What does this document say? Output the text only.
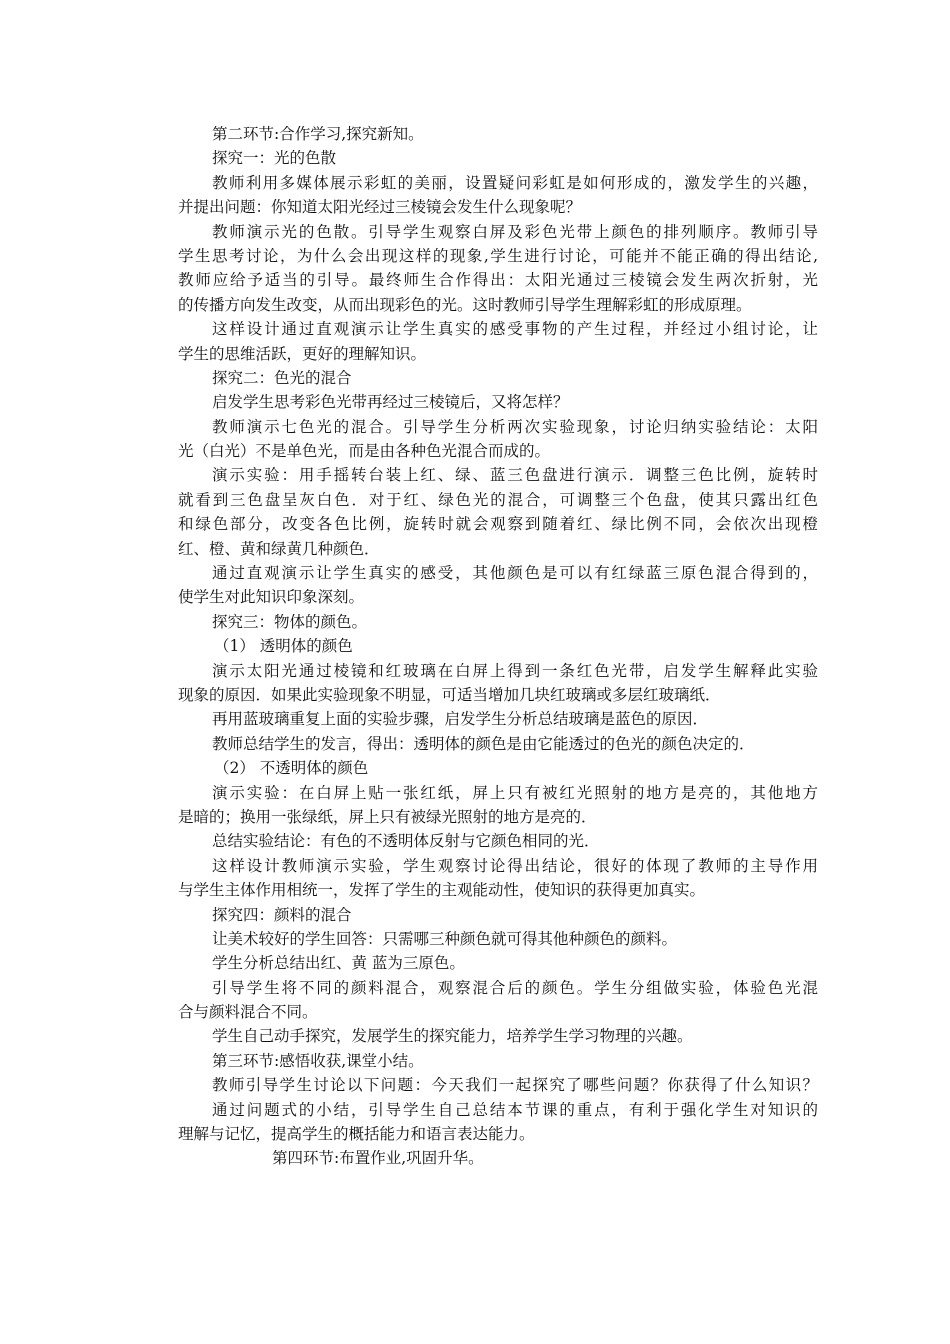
第二环节:合作学习,探究新知。
探究一：光的色散
教师利用多媒体展示彩虹的美丽，设置疑问彩虹是如何形成的，激发学生的兴趣，
并提出问题：你知道太阳光经过三棱镜会发生什么现象呢？
教师演示光的色散。引导学生观察白屏及彩色光带上颜色的排列顺序。教师引导
学生思考讨论，为什么会出现这样的现象,学生进行讨论，可能并不能正确的得出结论,
教师应给予适当的引导。最终师生合作得出：太阳光通过三棱镜会发生两次折射，光
的传播方向发生改变，从而出现彩色的光。这时教师引导学生理解彩虹的形成原理。
这样设计通过直观演示让学生真实的感受事物的产生过程，并经过小组讨论，让
学生的思维活跃，更好的理解知识。
探究二：色光的混合
启发学生思考彩色光带再经过三棱镜后，又将怎样？
教师演示七色光的混合。引导学生分析两次实验现象，讨论归纳实验结论：太阳
光（白光）不是单色光，而是由各种色光混合而成的。
演示实验：用手摇转台装上红、绿、蓝三色盘进行演示．调整三色比例，旋转时
就看到三色盘呈灰白色．对于红、绿色光的混合，可调整三个色盘，使其只露出红色
和绿色部分，改变各色比例，旋转时就会观察到随着红、绿比例不同，会依次出现橙
红、橙、黄和绿黄几种颜色．
通过直观演示让学生真实的感受，其他颜色是可以有红绿蓝三原色混合得到的，
使学生对此知识印象深刻。
探究三：物体的颜色。
（1） 透明体的颜色
演示太阳光通过棱镜和红玻璃在白屏上得到一条红色光带，启发学生解释此实验
现象的原因．如果此实验现象不明显，可适当增加几块红玻璃或多层红玻璃纸．
再用蓝玻璃重复上面的实验步骤，启发学生分析总结玻璃是蓝色的原因．
教师总结学生的发言，得出：透明体的颜色是由它能透过的色光的颜色决定的．
（2） 不透明体的颜色
演示实验：在白屏上贴一张红纸，屏上只有被红光照射的地方是亮的，其他地方
是暗的；换用一张绿纸，屏上只有被绿光照射的地方是亮的．
总结实验结论：有色的不透明体反射与它颜色相同的光．
这样设计教师演示实验，学生观察讨论得出结论，很好的体现了教师的主导作用
与学生主体作用相统一，发挥了学生的主观能动性，使知识的获得更加真实。
探究四：颜料的混合
让美术较好的学生回答：只需哪三种颜色就可得其他种颜色的颜料。
学生分析总结出红、黄 蓝为三原色。
引导学生将不同的颜料混合，观察混合后的颜色。学生分组做实验，体验色光混
合与颜料混合不同。
学生自己动手探究，发展学生的探究能力，培养学生学习物理的兴趣。
第三环节:感悟收获,课堂小结。
教师引导学生讨论以下问题：今天我们一起探究了哪些问题？你获得了什么知识？
通过问题式的小结，引导学生自己总结本节课的重点，有利于强化学生对知识的
理解与记忆，提高学生的概括能力和语言表达能力。
第四环节:布置作业,巩固升华。
